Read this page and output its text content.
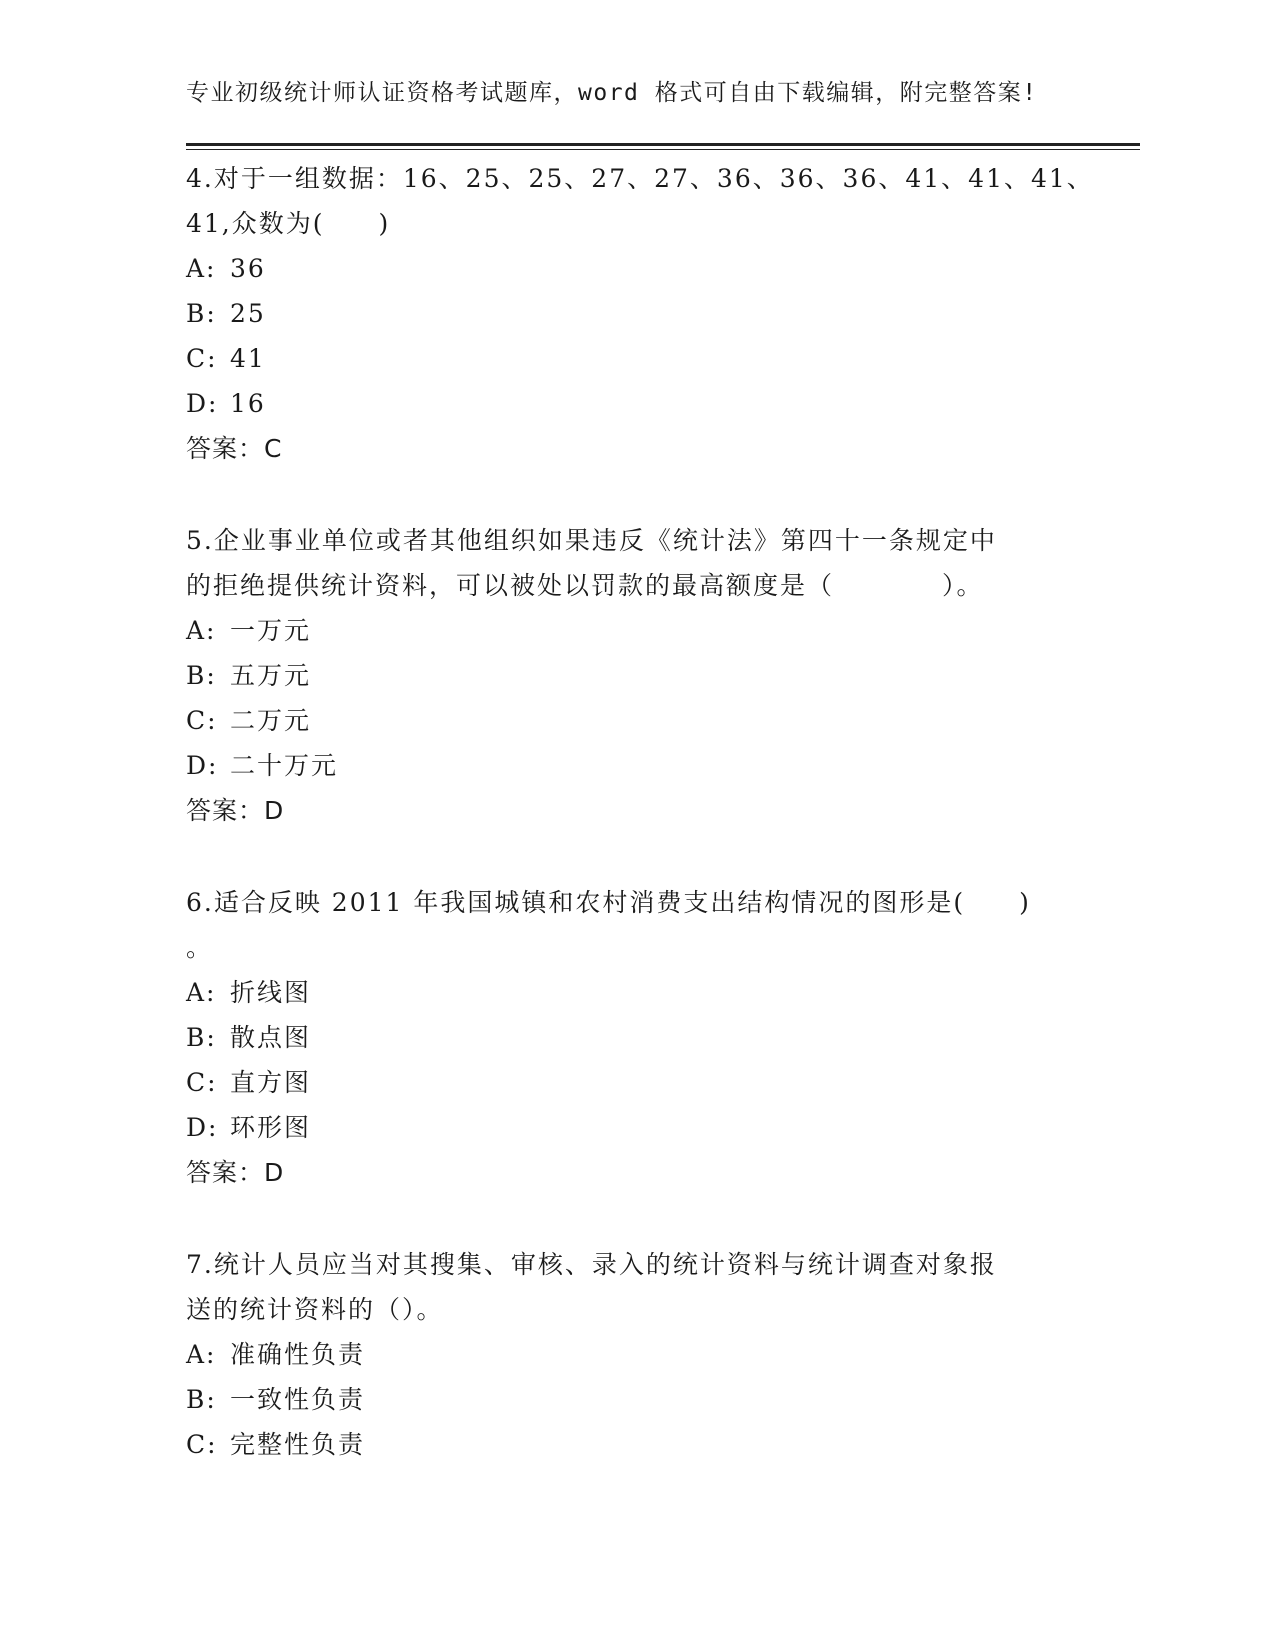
专业初级统计师认证资格考试题库，word 格式可自由下载编辑，附完整答案!
4.对于一组数据：16、25、25、27、27、36、36、36、41、41、41、
41,众数为(　　)
A: 36
B: 25
C: 41
D: 16
答案：C
5.企业事业单位或者其他组织如果违反《统计法》第四十一条规定中
的拒绝提供统计资料，可以被处以罚款的最高额度是（　　　　）。
A: 一万元
B: 五万元
C: 二万元
D: 二十万元
答案：D
6.适合反映 2011 年我国城镇和农村消费支出结构情况的图形是(　　)
。
A: 折线图
B: 散点图
C: 直方图
D: 环形图
答案：D
7.统计人员应当对其搜集、审核、录入的统计资料与统计调查对象报
送的统计资料的（）。
A: 准确性负责
B: 一致性负责
C: 完整性负责
